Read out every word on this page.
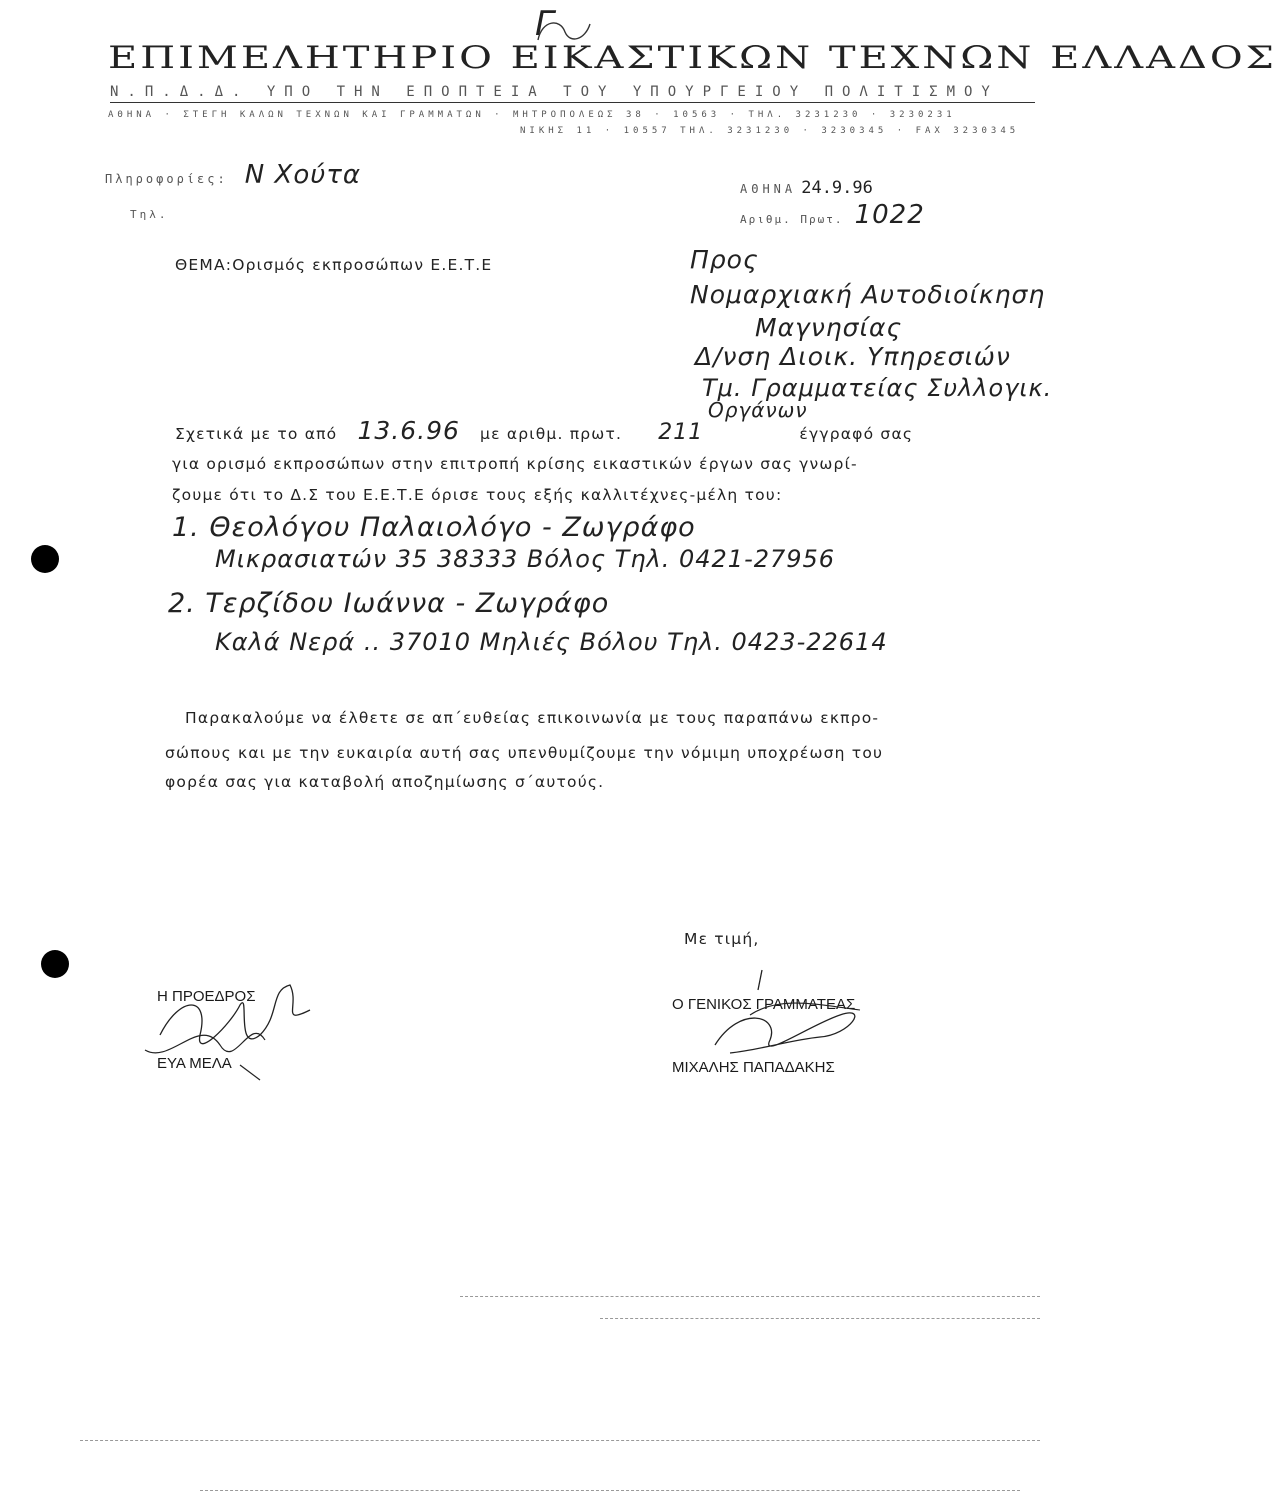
Γ
ΕΠΙΜΕΛΗΤΗΡΙΟ ΕΙΚΑΣΤΙΚΩΝ ΤΕΧΝΩΝ ΕΛΛΑΔΟΣ
Ν.Π.Δ.Δ. ΥΠΟ ΤΗΝ ΕΠΟΠΤΕΙΑ ΤΟΥ ΥΠΟΥΡΓΕΙΟΥ ΠΟΛΙΤΙΣΜΟΥ
ΑΘΗΝΑ · ΣΤΕΓΗ ΚΑΛΩΝ ΤΕΧΝΩΝ ΚΑΙ ΓΡΑΜΜΑΤΩΝ · ΜΗΤΡΟΠΟΛΕΩΣ 38 · 10563 · ΤΗΛ. 3231230 · 3230231
ΝΙΚΗΣ 11 · 10557 ΤΗΛ. 3231230 · 3230345 · FAX 3230345
Πληροφορίες: Ν Χούτα
Τηλ.
ΑΘΗΝΑ 24.9.96
Αριθμ. Πρωτ. 1022
ΘΕΜΑ:Ορισμός εκπροσώπων Ε.Ε.Τ.Ε	Προς
Νομαρχιακή Αυτοδιοίκηση
Μαγνησίας
Δ/νση Διοικ. Υπηρεσιών
Τμ. Γραμματείας Συλλογικ.
Οργάνων
Σχετικά με το από 13.6.96 με αριθμ. πρωτ. 211	έγγραφό σας
για ορισμό εκπροσώπων στην επιτροπή κρίσης εικαστικών έργων σας γνωρί-
ζουμε ότι το Δ.Σ του Ε.Ε.Τ.Ε όρισε τους εξής καλλιτέχνες-μέλη του:
1. Θεολόγου Παλαιολόγο - Ζωγράφο
Μικρασιατών 35 38333 Βόλος Τηλ. 0421-27956
2. Τερζίδου Ιωάννα - Ζωγράφο
Καλά Νερά .. 37010 Μηλιές Βόλου Τηλ. 0423-22614
Παρακαλούμε να έλθετε σε απ΄ευθείας επικοινωνία με τους παραπάνω εκπρο-
σώπους και με την ευκαιρία αυτή σας υπενθυμίζουμε την νόμιμη υποχρέωση του
φορέα σας για καταβολή αποζημίωσης σ΄αυτούς.
Με τιμή,
Η ΠΡΟΕΔΡΟΣ
ΕΥΑ ΜΕΛΑ
Ο ΓΕΝΙΚΟΣ ΓΡΑΜΜΑΤΕΑΣ
ΜΙΧΑΛΗΣ ΠΑΠΑΔΑΚΗΣ
